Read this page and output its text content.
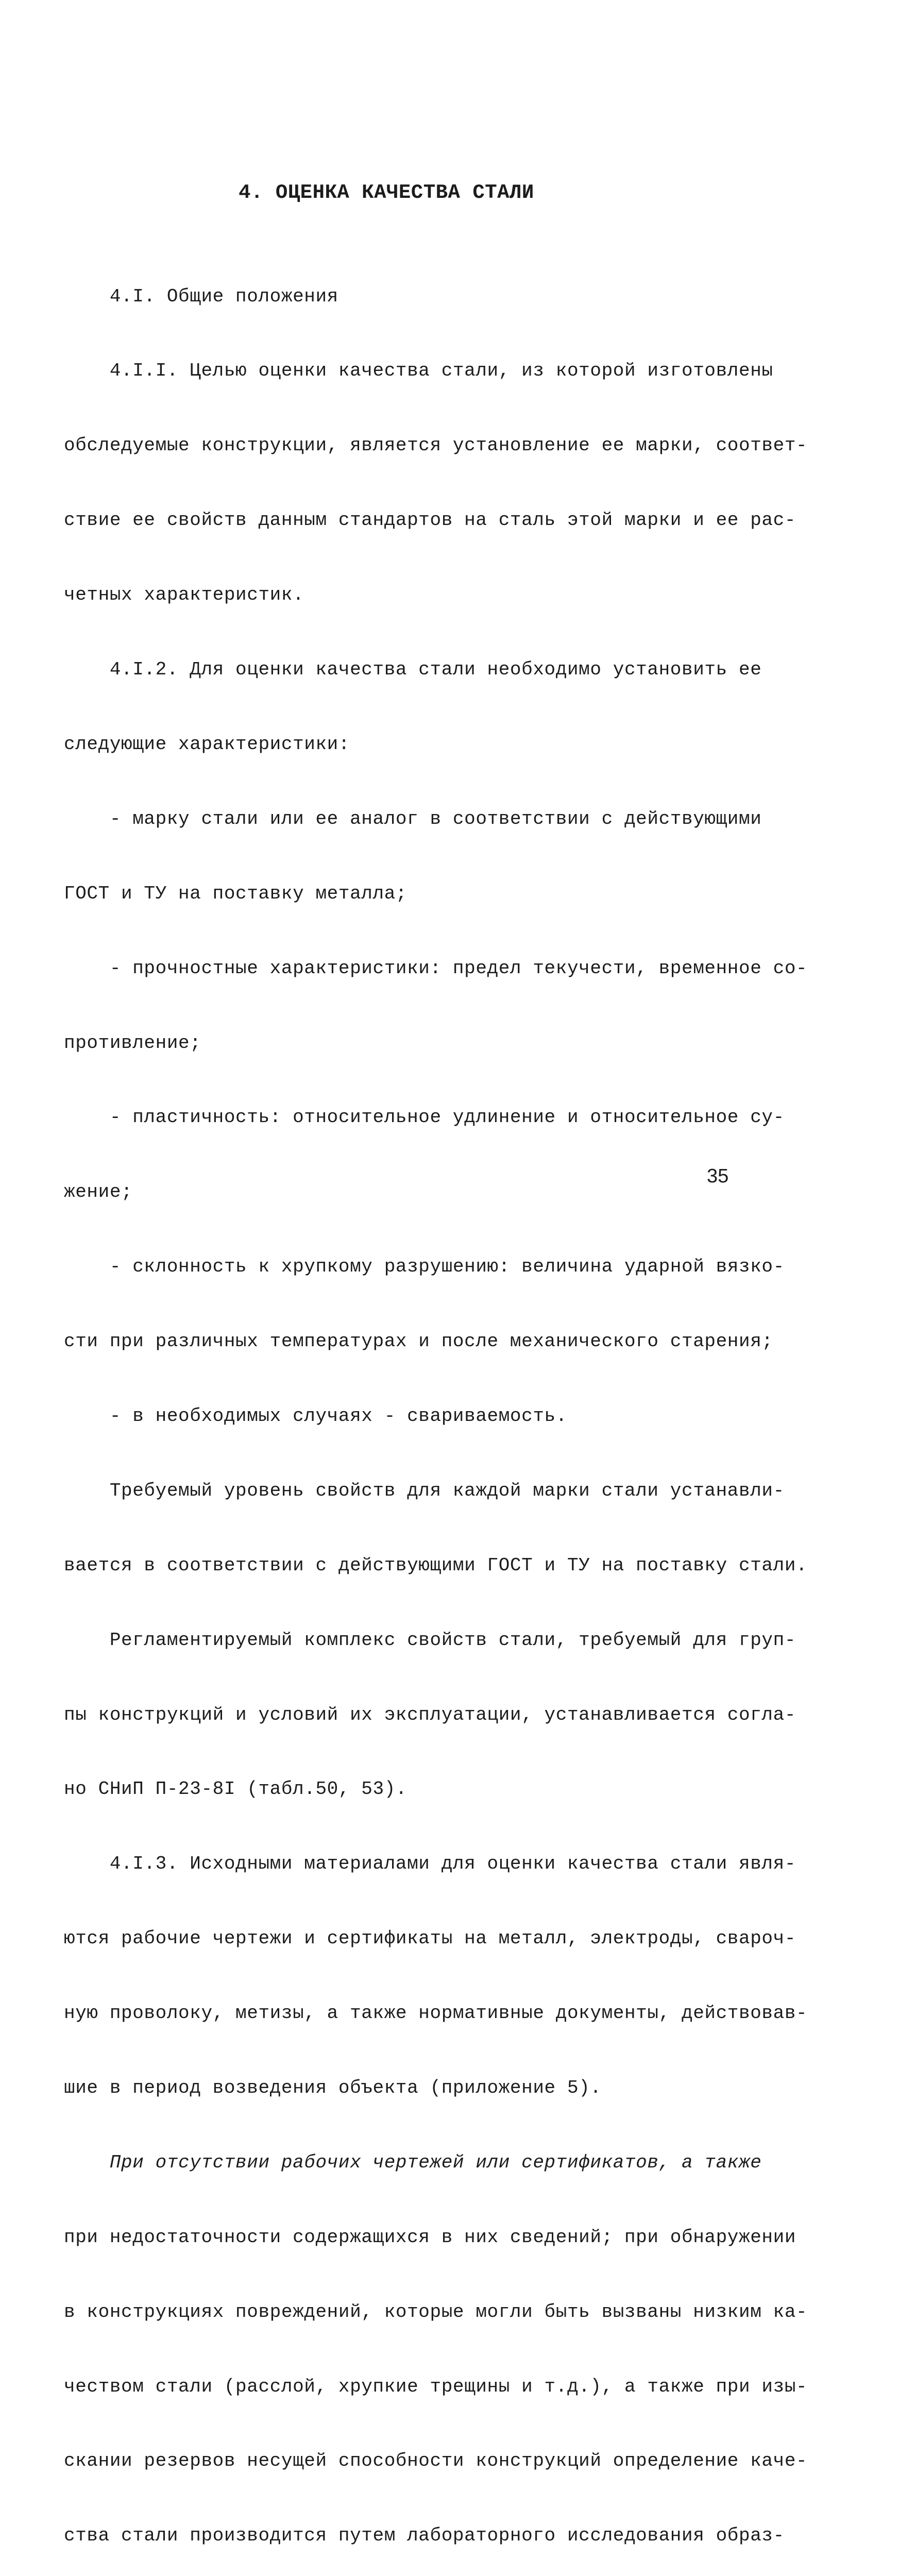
4. ОЦЕНКА КАЧЕСТВА СТАЛИ

4.I. Общие положения

4.I.I. Целью оценки качества стали, из которой изготовлены

обследуемые конструкции, является установление ее марки, соответ-

ствие ее свойств данным стандартов на сталь этой марки и ее рас-

четных характеристик.

4.I.2. Для оценки качества стали необходимо установить ее

следующие характеристики:

- марку стали или ее аналог в соответствии с действующими

ГОСТ и ТУ на поставку металла;

- прочностные характеристики: предел текучести, временное со-

противление;

- пластичность: относительное удлинение и относительное су-

жение;

- склонность к хрупкому разрушению: величина ударной вязко-

сти при различных температурах и после механического старения;

- в необходимых случаях - свариваемость.

Требуемый уровень свойств для каждой марки стали устанавли-

вается в соответствии с действующими ГОСТ и ТУ на поставку стали.

Регламентируемый комплекс свойств стали, требуемый для груп-

пы конструкций и условий их эксплуатации, устанавливается согла-

но СНиП П-23-8I (табл.50, 53).

4.I.3. Исходными материалами для оценки качества стали явля-

ются рабочие чертежи и сертификаты на металл, электроды, свароч-

ную проволоку, метизы, а также нормативные документы, действовав-

шие в период возведения объекта (приложение 5).

При отсутствии рабочих чертежей или сертификатов, а также

при недостаточности содержащихся в них сведений; при обнаружении

в конструкциях повреждений, которые могли быть вызваны низким ка-

чеством стали (расслой, хрупкие трещины и т.д.), а также при изы-

скании резервов несущей способности конструкций определение каче-

ства стали производится путем лабораторного исследования образ-

35
